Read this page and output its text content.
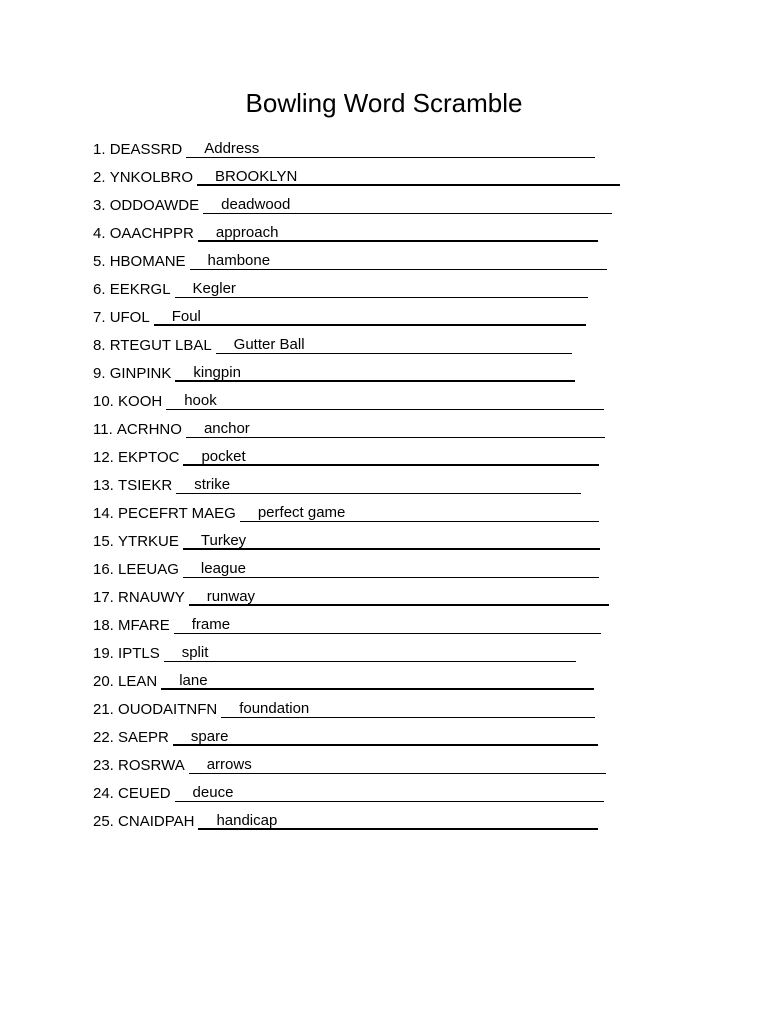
Bowling Word Scramble
1. DEASSRD Address
2. YNKOLBRO BROOKLYN
3. ODDOAWDE deadwood
4. OAACHPPR approach
5. HBOMANE hambone
6. EEKRGL Kegler
7. UFOL Foul
8. RTEGUT LBAL Gutter Ball
9. GINPINK kingpin
10. KOOH hook
11. ACRHNO anchor
12. EKPTOC pocket
13. TSIEKR strike
14. PECEFRT MAEG perfect game
15. YTRKUE Turkey
16. LEEUAG league
17. RNAUWY runway
18. MFARE frame
19. IPTLS split
20. LEAN lane
21. OUODAITNFN foundation
22. SAEPR spare
23. ROSRWA arrows
24. CEUED deuce
25. CNAIDPAH handicap
